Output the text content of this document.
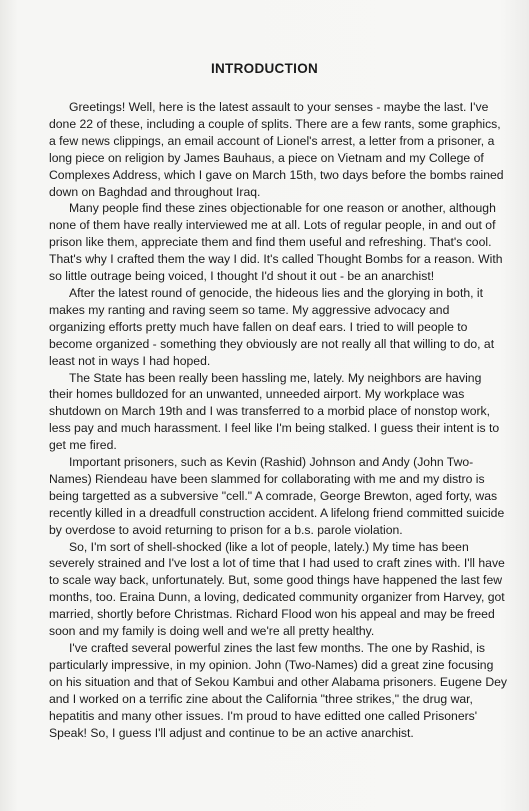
INTRODUCTION

Greetings! Well, here is the latest assault to your senses - maybe the last. I've done 22 of these, including a couple of splits. There are a few rants, some graphics, a few news clippings, an email account of Lionel's arrest, a letter from a prisoner, a long piece on religion by James Bauhaus, a piece on Vietnam and my College of Complexes Address, which I gave on March 15th, two days before the bombs rained down on Baghdad and throughout Iraq.

Many people find these zines objectionable for one reason or another, although none of them have really interviewed me at all. Lots of regular people, in and out of prison like them, appreciate them and find them useful and refreshing. That's cool. That's why I crafted them the way I did. It's called Thought Bombs for a reason. With so little outrage being voiced, I thought I'd shout it out - be an anarchist!

After the latest round of genocide, the hideous lies and the glorying in both, it makes my ranting and raving seem so tame. My aggressive advocacy and organizing efforts pretty much have fallen on deaf ears. I tried to will people to become organized - something they obviously are not really all that willing to do, at least not in ways I had hoped.

The State has been really been hassling me, lately. My neighbors are having their homes bulldozed for an unwanted, unneeded airport. My workplace was shutdown on March 19th and I was transferred to a morbid place of nonstop work, less pay and much harassment. I feel like I'm being stalked. I guess their intent is to get me fired.

Important prisoners, such as Kevin (Rashid) Johnson and Andy (John Two-Names) Riendeau have been slammed for collaborating with me and my distro is being targetted as a subversive "cell." A comrade, George Brewton, aged forty, was recently killed in a dreadfull construction accident. A lifelong friend committed suicide by overdose to avoid returning to prison for a b.s. parole violation.

So, I'm sort of shell-shocked (like a lot of people, lately.) My time has been severely strained and I've lost a lot of time that I had used to craft zines with. I'll have to scale way back, unfortunately. But, some good things have happened the last few months, too. Eraina Dunn, a loving, dedicated community organizer from Harvey, got married, shortly before Christmas. Richard Flood won his appeal and may be freed soon and my family is doing well and we're all pretty healthy.

I've crafted several powerful zines the last few months. The one by Rashid, is particularly impressive, in my opinion. John (Two-Names) did a great zine focusing on his situation and that of Sekou Kambui and other Alabama prisoners. Eugene Dey and I worked on a terrific zine about the California "three strikes," the drug war, hepatitis and many other issues. I'm proud to have editted one called Prisoners' Speak! So, I guess I'll adjust and continue to be an active anarchist.
